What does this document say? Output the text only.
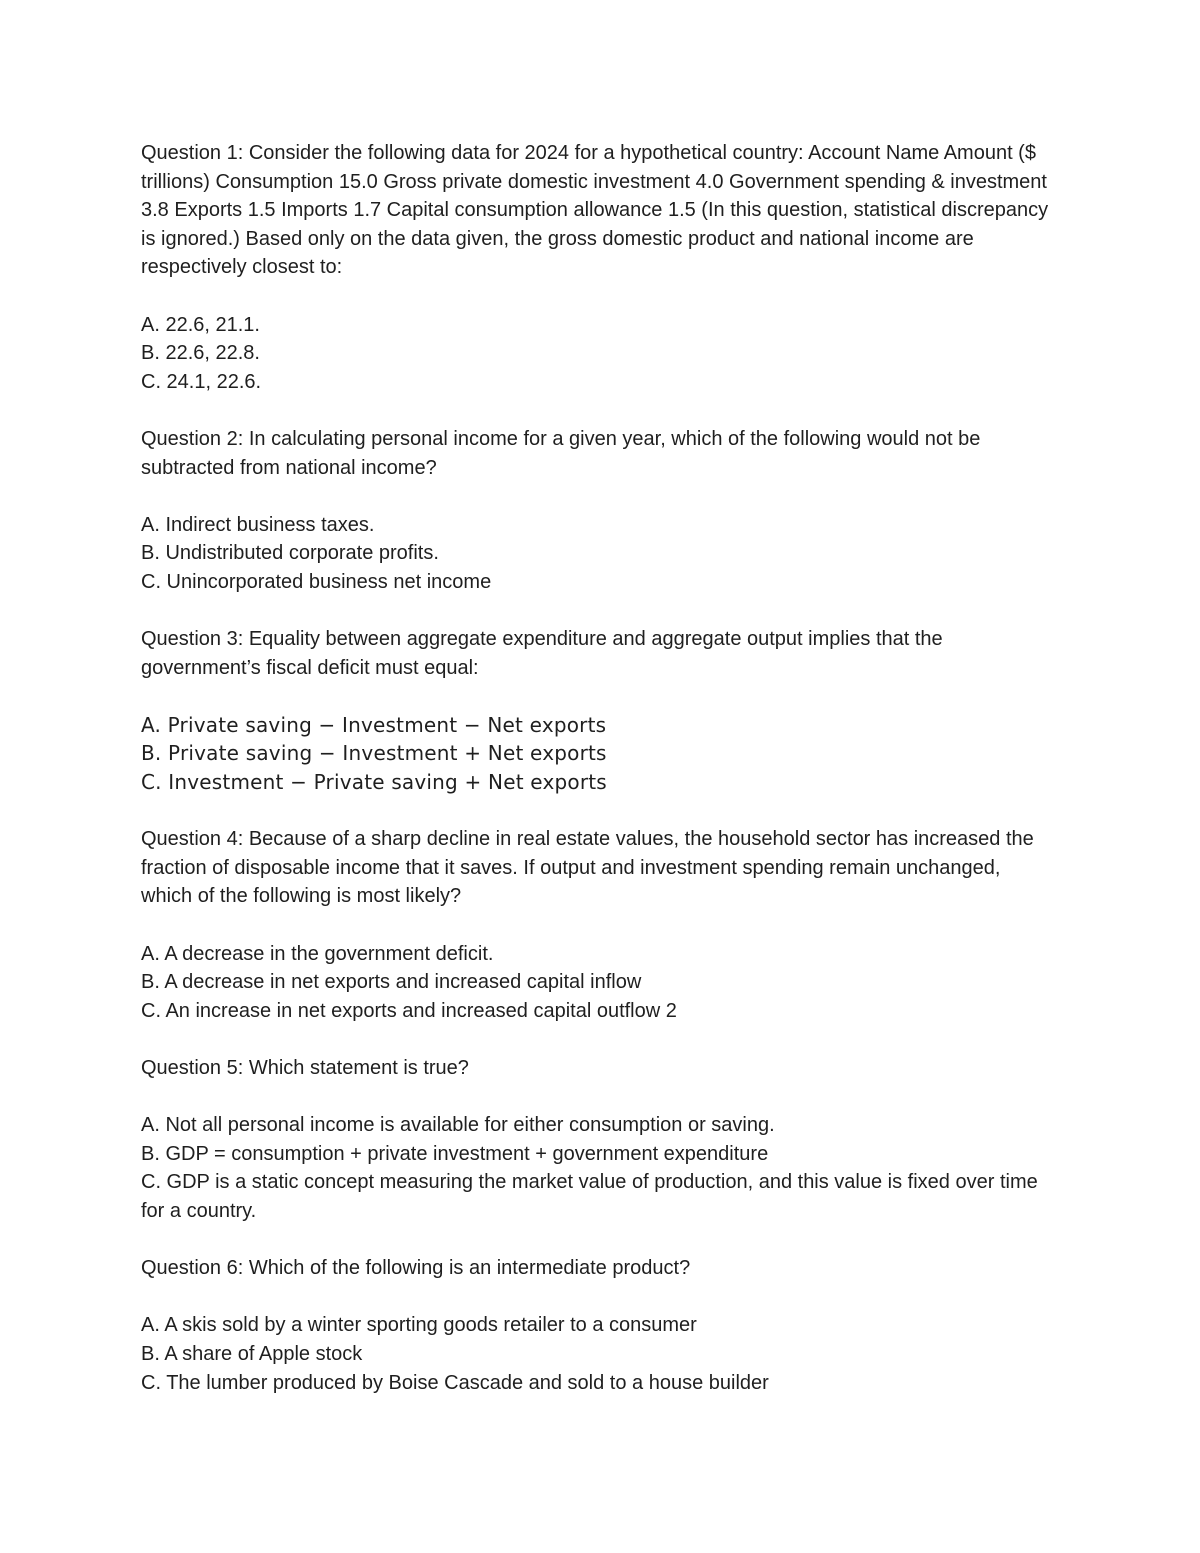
Question 1: Consider the following data for 2024 for a hypothetical country: Account Name Amount ($ trillions) Consumption 15.0 Gross private domestic investment 4.0 Government spending & investment 3.8 Exports 1.5 Imports 1.7 Capital consumption allowance 1.5 (In this question, statistical discrepancy is ignored.) Based only on the data given, the gross domestic product and national income are respectively closest to:

A. 22.6, 21.1.

B. 22.6, 22.8.

C. 24.1, 22.6.

Question 2: In calculating personal income for a given year, which of the following would not be subtracted from national income?

A. Indirect business taxes.

B. Undistributed corporate profits.

C. Unincorporated business net income

Question 3: Equality between aggregate expenditure and aggregate output implies that the government’s fiscal deficit must equal:

A. Private saving − Investment − Net exports

B. Private saving − Investment + Net exports

C. Investment − Private saving + Net exports

Question 4: Because of a sharp decline in real estate values, the household sector has increased the fraction of disposable income that it saves. If output and investment spending remain unchanged, which of the following is most likely?

A. A decrease in the government deficit.

B. A decrease in net exports and increased capital inflow

C. An increase in net exports and increased capital outflow 2

Question 5: Which statement is true?

A. Not all personal income is available for either consumption or saving.

B. GDP = consumption + private investment + government expenditure

C. GDP is a static concept measuring the market value of production, and this value is fixed over time for a country.

Question 6: Which of the following is an intermediate product?

A. A skis sold by a winter sporting goods retailer to a consumer

B. A share of Apple stock

C. The lumber produced by Boise Cascade and sold to a house builder
